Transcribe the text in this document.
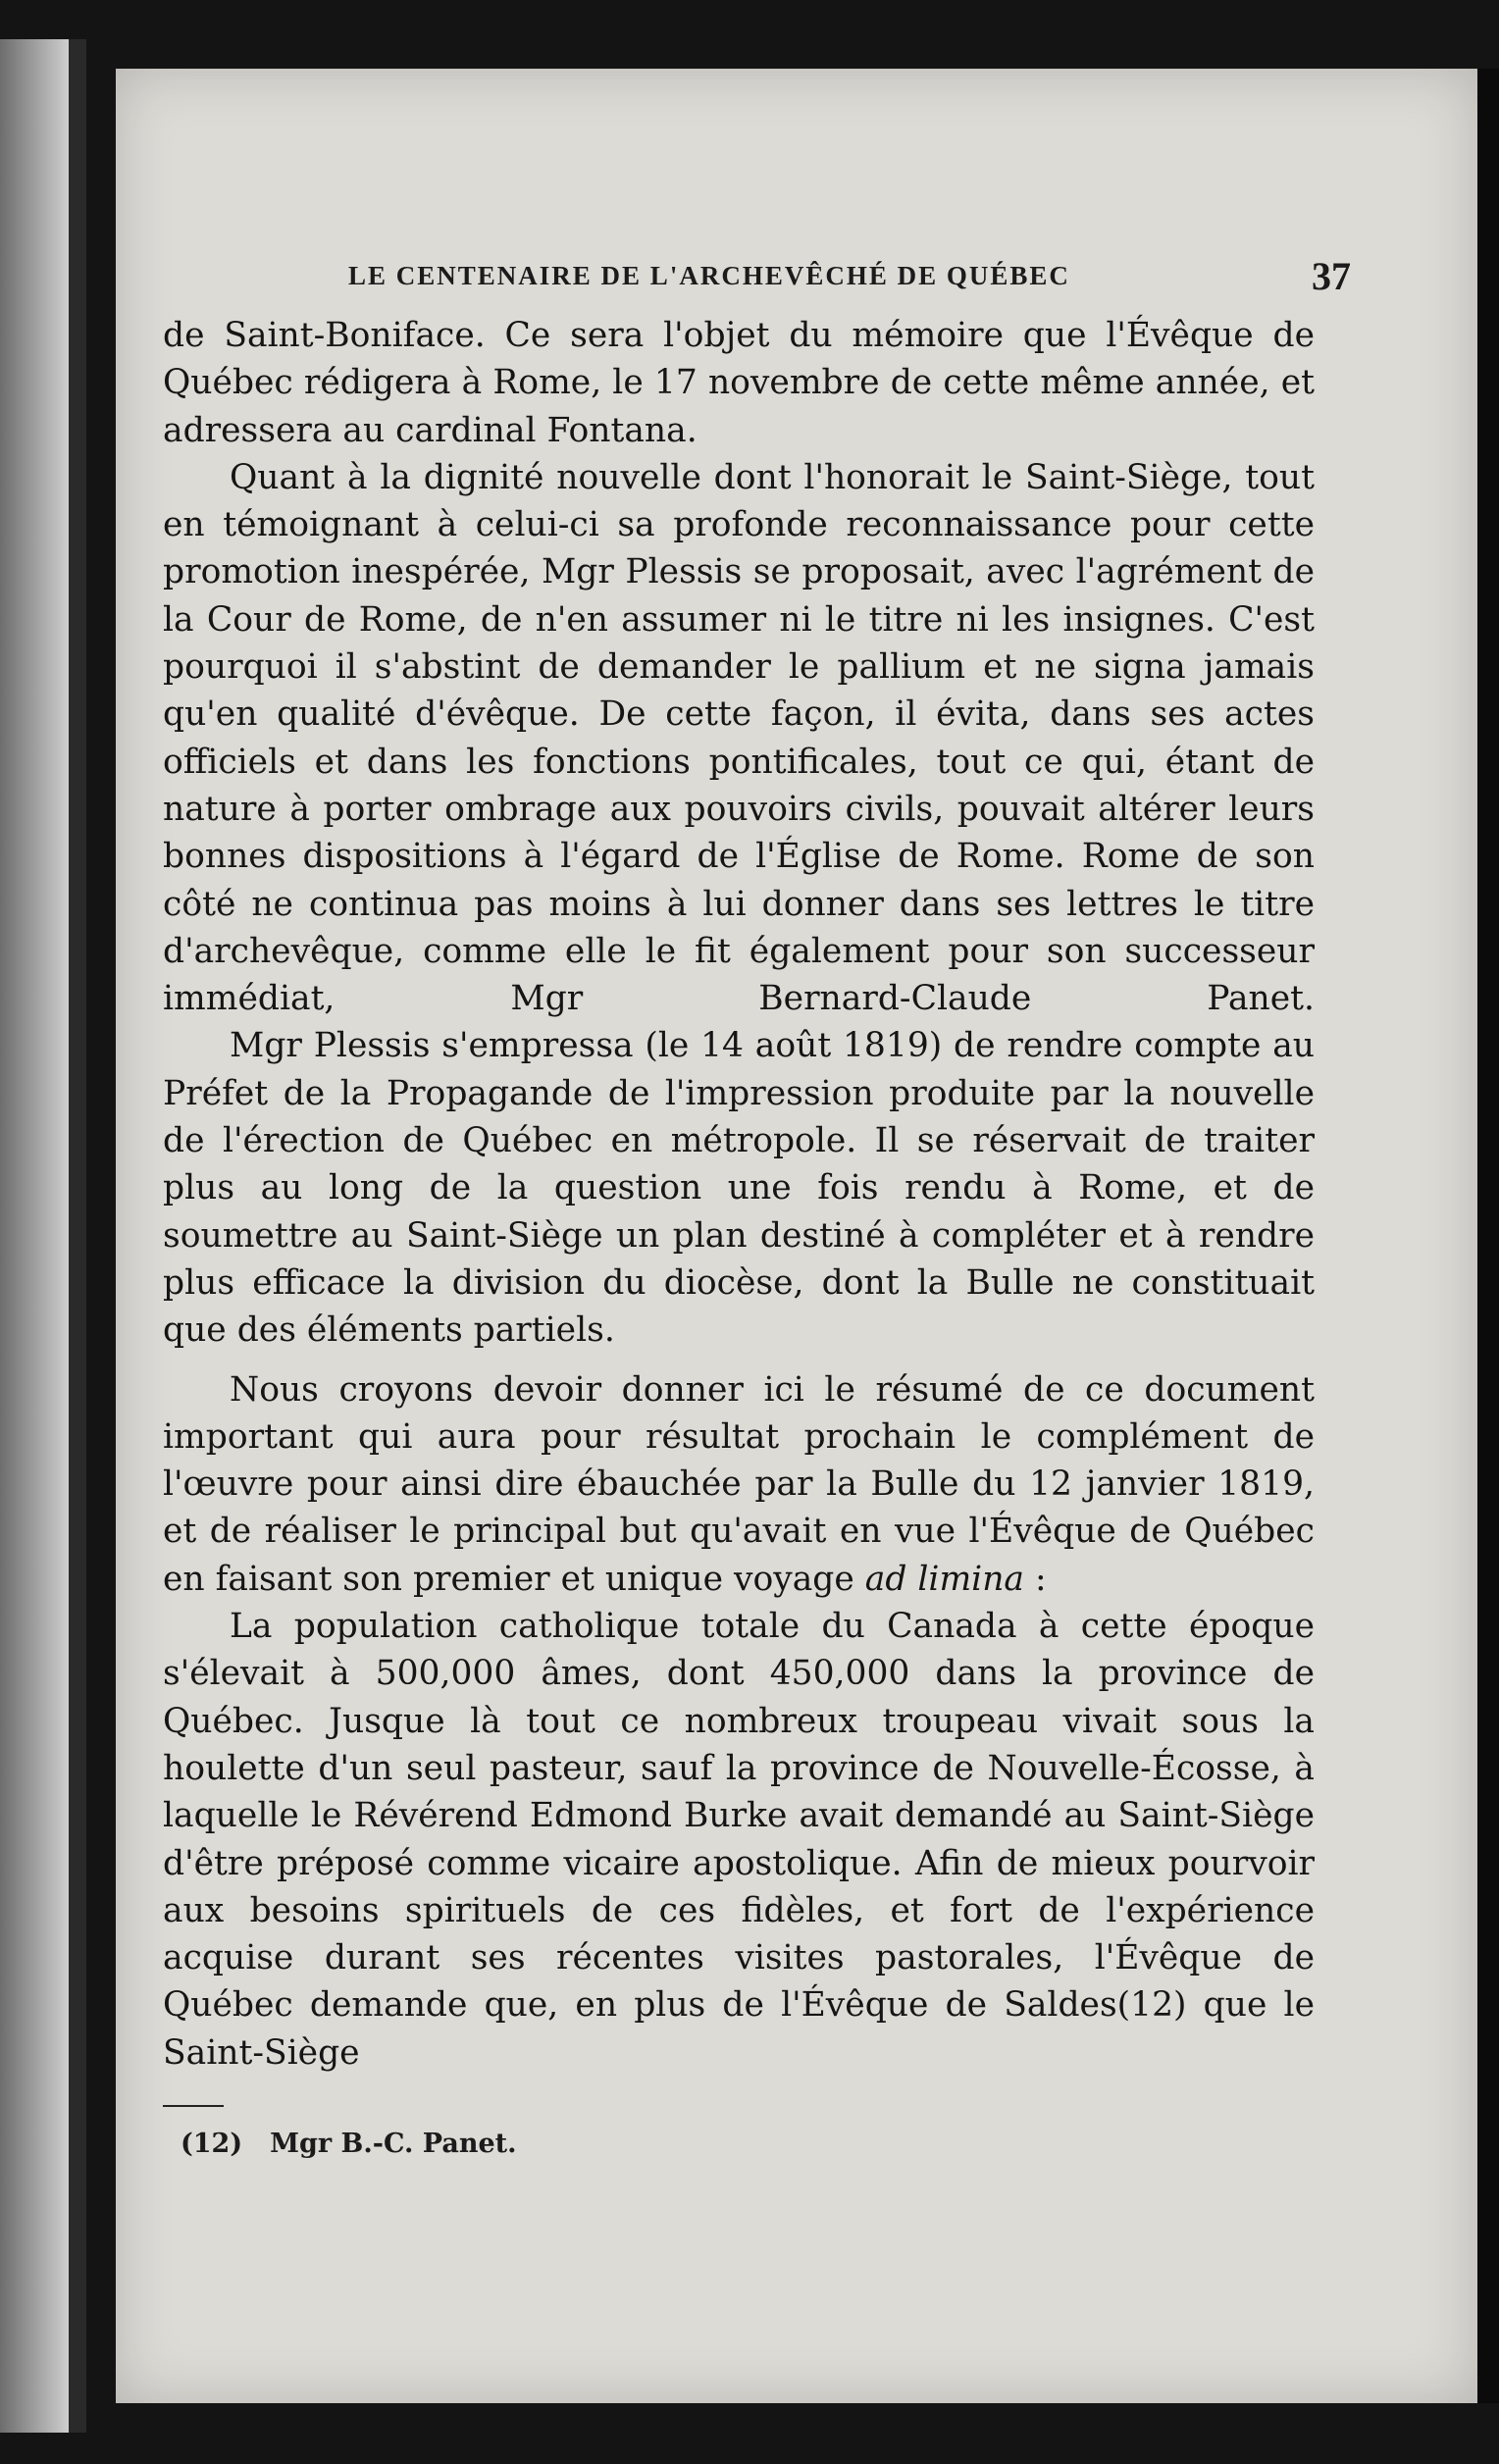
LE CENTENAIRE DE L'ARCHEVÊCHÉ DE QUÉBEC	37

de Saint-Boniface. Ce sera l'objet du mémoire que l'Évêque de Québec rédigera à Rome, le 17 novembre de cette même année, et adressera au cardinal Fontana.

Quant à la dignité nouvelle dont l'honorait le Saint-Siège, tout en témoignant à celui-ci sa profonde reconnaissance pour cette promotion inespérée, Mgr Plessis se proposait, avec l'agrément de la Cour de Rome, de n'en assumer ni le titre ni les insignes. C'est pourquoi il s'abstint de demander le pallium et ne signa jamais qu'en qualité d'évêque. De cette façon, il évita, dans ses actes officiels et dans les fonctions pontificales, tout ce qui, étant de nature à porter ombrage aux pouvoirs civils, pouvait altérer leurs bonnes dispositions à l'égard de l'Église de Rome. Rome de son côté ne continua pas moins à lui donner dans ses lettres le titre d'archevêque, comme elle le fit également pour son successeur immédiat, Mgr Bernard-Claude Panet.

Mgr Plessis s'empressa (le 14 août 1819) de rendre compte au Préfet de la Propagande de l'impression produite par la nouvelle de l'érection de Québec en métropole. Il se réservait de traiter plus au long de la question une fois rendu à Rome, et de soumettre au Saint-Siège un plan destiné à compléter et à rendre plus efficace la division du diocèse, dont la Bulle ne constituait que des éléments partiels.

Nous croyons devoir donner ici le résumé de ce document important qui aura pour résultat prochain le complément de l'œuvre pour ainsi dire ébauchée par la Bulle du 12 janvier 1819, et de réaliser le principal but qu'avait en vue l'Évêque de Québec en faisant son premier et unique voyage ad limina :

La population catholique totale du Canada à cette époque s'élevait à 500,000 âmes, dont 450,000 dans la province de Québec. Jusque là tout ce nombreux troupeau vivait sous la houlette d'un seul pasteur, sauf la province de Nouvelle-Écosse, à laquelle le Révérend Edmond Burke avait demandé au Saint-Siège d'être préposé comme vicaire apostolique. Afin de mieux pourvoir aux besoins spirituels de ces fidèles, et fort de l'expérience acquise durant ses récentes visites pastorales, l'Évêque de Québec demande que, en plus de l'Évêque de Saldes(12) que le Saint-Siège

(12) Mgr B.-C. Panet.
